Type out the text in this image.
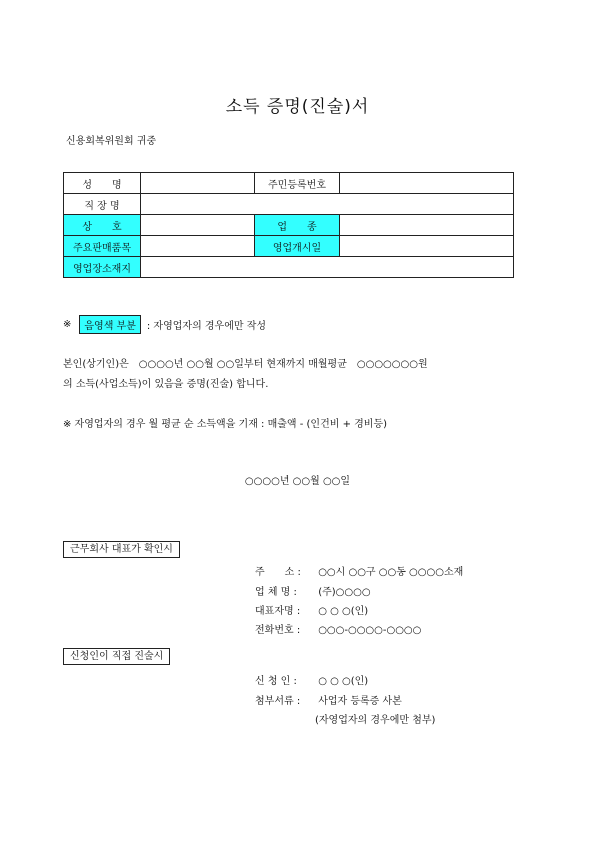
소득 증명(진술)서
신용회복위원회 귀중
성　　명		주민등록번호	
직 장 명			
상　　호		업　　종	
주요판매품목		영업개시일	
영업장소재지			
※	음영색 부분	: 자영업자의 경우에만 작성
본인(상기인)은　○○○○년 ○○월 ○○일부터 현재까지 매월평균　○○○○○○○원
의 소득(사업소득)이 있음을 증명(진술) 합니다.
※ 자영업자의 경우 월 평균 순 소득액을 기재 : 매출액 - (인건비 + 경비등)
○○○○년 ○○월 ○○일
근무회사 대표가 확인시
주　　소 : ○○시 ○○구 ○○동 ○○○○소재
업 체 명 : (주)○○○○
대표자명 : ○ ○ ○(인)
전화번호 : ○○○-○○○○-○○○○
신청인이 직접 진술시
신 청 인 : ○ ○ ○(인)
첨부서류 : 사업자 등록증 사본
(자영업자의 경우에만 첨부)
